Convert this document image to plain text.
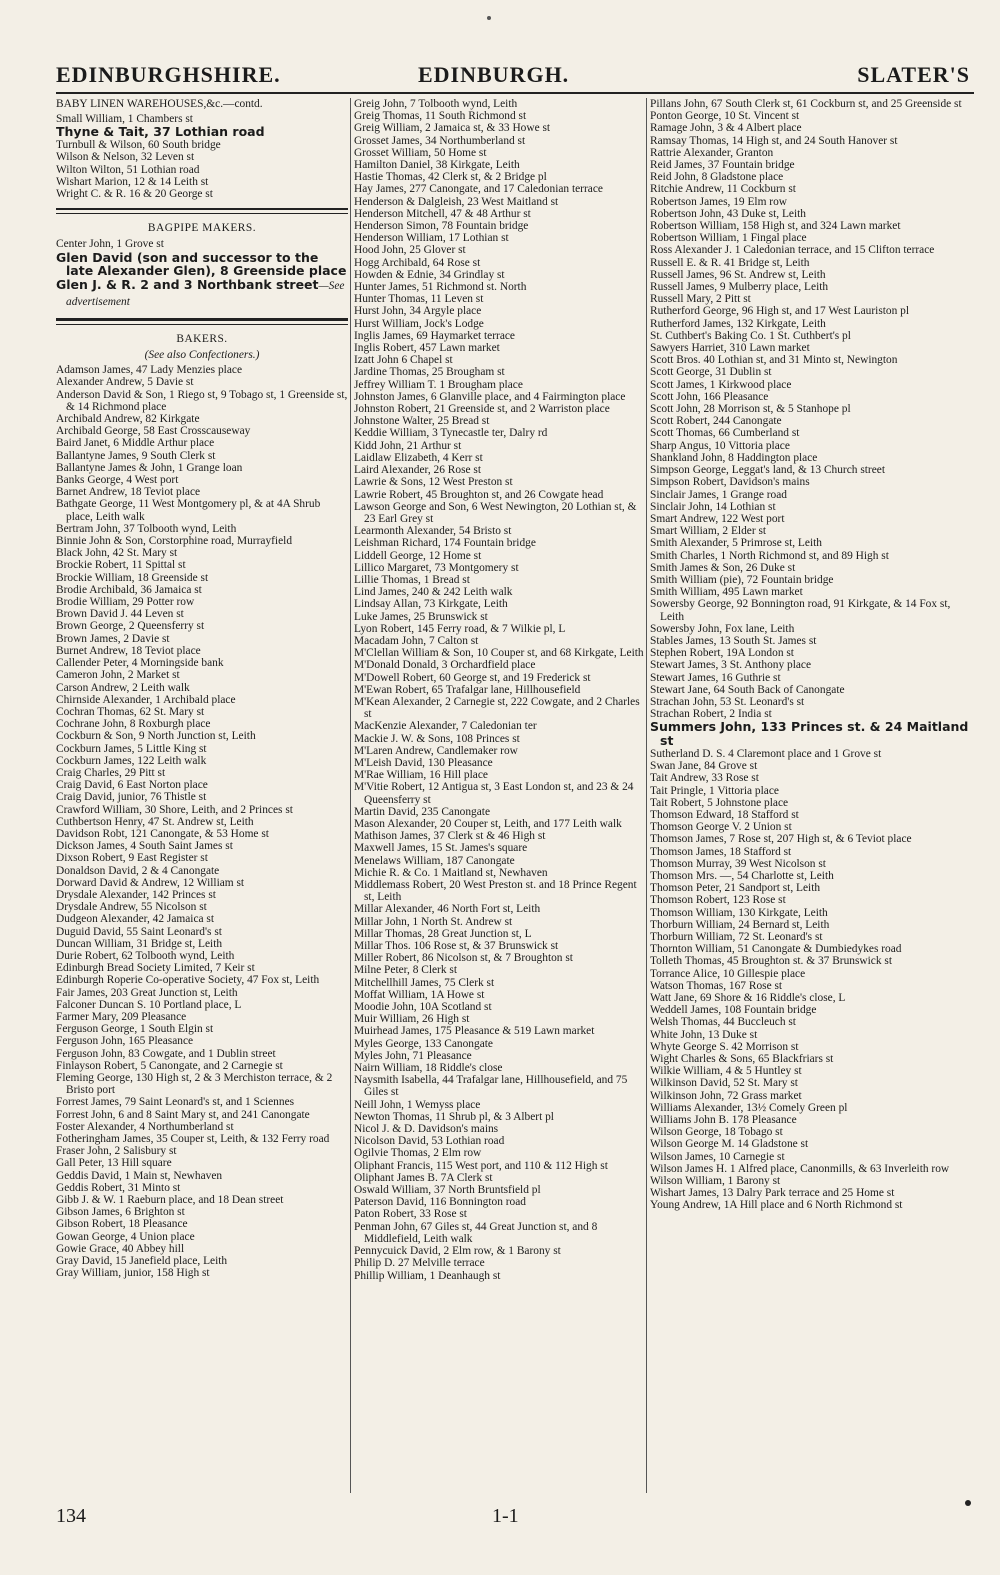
EDINBURGHSHIRE.	EDINBURGH.	SLATER'S

BABY LINEN WAREHOUSES,&c.—contd.

Small William, 1 Chambers st

Thyne & Tait, 37 Lothian road

Turnbull & Wilson, 60 South bridge

Wilson & Nelson, 32 Leven st

Wilton Wilton, 51 Lothian road

Wishart Marion, 12 & 14 Leith st

Wright C. & R. 16 & 20 George st

BAGPIPE MAKERS.

Center John, 1 Grove st

Glen David (son and successor to the late Alexander Glen), 8 Greenside place

Glen J. & R. 2 and 3 Northbank street—See advertisement

BAKERS.

(See also Confectioners.)

Adamson James, 47 Lady Menzies place

Alexander Andrew, 5 Davie st

Anderson David & Son, 1 Riego st, 9 Tobago st, 1 Greenside st, & 14 Richmond place

Archibald Andrew, 82 Kirkgate

Archibald George, 58 East Crosscauseway

Baird Janet, 6 Middle Arthur place

Ballantyne James, 9 South Clerk st

Ballantyne James & John, 1 Grange loan

Banks George, 4 West port

Barnet Andrew, 18 Teviot place

Bathgate George, 11 West Montgomery pl, & at 4A Shrub place, Leith walk

Bertram John, 37 Tolbooth wynd, Leith

Binnie John & Son, Corstorphine road, Murrayfield

Black John, 42 St. Mary st

Brockie Robert, 11 Spittal st

Brockie William, 18 Greenside st

Brodie Archibald, 36 Jamaica st

Brodie William, 29 Potter row

Brown David J. 44 Leven st

Brown George, 2 Queensferry st

Brown James, 2 Davie st

Burnet Andrew, 18 Teviot place

Callender Peter, 4 Morningside bank

Cameron John, 2 Market st

Carson Andrew, 2 Leith walk

Chirnside Alexander, 1 Archibald place

Cochran Thomas, 62 St. Mary st

Cochrane John, 8 Roxburgh place

Cockburn & Son, 9 North Junction st, Leith

Cockburn James, 5 Little King st

Cockburn James, 122 Leith walk

Craig Charles, 29 Pitt st

Craig David, 6 East Norton place

Craig David, junior, 76 Thistle st

Crawford William, 30 Shore, Leith, and 2 Princes st

Cuthbertson Henry, 47 St. Andrew st, Leith

Davidson Robt, 121 Canongate, & 53 Home st

Dickson James, 4 South Saint James st

Dixson Robert, 9 East Register st

Donaldson David, 2 & 4 Canongate

Dorward David & Andrew, 12 William st

Drysdale Alexander, 142 Princes st

Drysdale Andrew, 55 Nicolson st

Dudgeon Alexander, 42 Jamaica st

Duguid David, 55 Saint Leonard's st

Duncan William, 31 Bridge st, Leith

Durie Robert, 62 Tolbooth wynd, Leith

Edinburgh Bread Society Limited, 7 Keir st

Edinburgh Roperie Co-operative Society, 47 Fox st, Leith

Fair James, 203 Great Junction st, Leith

Falconer Duncan S. 10 Portland place, L

Farmer Mary, 209 Pleasance

Ferguson George, 1 South Elgin st

Ferguson John, 165 Pleasance

Ferguson John, 83 Cowgate, and 1 Dublin street

Finlayson Robert, 5 Canongate, and 2 Carnegie st

Fleming George, 130 High st, 2 & 3 Merchiston terrace, & 2 Bristo port

Forrest James, 79 Saint Leonard's st, and 1 Sciennes

Forrest John, 6 and 8 Saint Mary st, and 241 Canongate

Foster Alexander, 4 Northumberland st

Fotheringham James, 35 Couper st, Leith, & 132 Ferry road

Fraser John, 2 Salisbury st

Gall Peter, 13 Hill square

Geddis David, 1 Main st, Newhaven

Geddis Robert, 31 Minto st

Gibb J. & W. 1 Raeburn place, and 18 Dean street

Gibson James, 6 Brighton st

Gibson Robert, 18 Pleasance

Gowan George, 4 Union place

Gowie Grace, 40 Abbey hill

Gray David, 15 Janefield place, Leith

Gray William, junior, 158 High st

Greig John, 7 Tolbooth wynd, Leith

Greig Thomas, 11 South Richmond st

Greig William, 2 Jamaica st, & 33 Howe st

Grosset James, 34 Northumberland st

Grosset William, 50 Home st

Hamilton Daniel, 38 Kirkgate, Leith

Hastie Thomas, 42 Clerk st, & 2 Bridge pl

Hay James, 277 Canongate, and 17 Caledonian terrace

Henderson & Dalgleish, 23 West Maitland st

Henderson Mitchell, 47 & 48 Arthur st

Henderson Simon, 78 Fountain bridge

Henderson William, 17 Lothian st

Hood John, 25 Glover st

Hogg Archibald, 64 Rose st

Howden & Ednie, 34 Grindlay st

Hunter James, 51 Richmond st. North

Hunter Thomas, 11 Leven st

Hurst John, 34 Argyle place

Hurst William, Jock's Lodge

Inglis James, 69 Haymarket terrace

Inglis Robert, 457 Lawn market

Izatt John 6 Chapel st

Jardine Thomas, 25 Brougham st

Jeffrey William T. 1 Brougham place

Johnston James, 6 Glanville place, and 4 Fairmington place

Johnston Robert, 21 Greenside st, and 2 Warriston place

Johnstone Walter, 25 Bread st

Keddie William, 3 Tynecastle ter, Dalry rd

Kidd John, 21 Arthur st

Laidlaw Elizabeth, 4 Kerr st

Laird Alexander, 26 Rose st

Lawrie & Sons, 12 West Preston st

Lawrie Robert, 45 Broughton st, and 26 Cowgate head

Lawson George and Son, 6 West Newington, 20 Lothian st, & 23 Earl Grey st

Learmonth Alexander, 54 Bristo st

Leishman Richard, 174 Fountain bridge

Liddell George, 12 Home st

Lillico Margaret, 73 Montgomery st

Lillie Thomas, 1 Bread st

Lind James, 240 & 242 Leith walk

Lindsay Allan, 73 Kirkgate, Leith

Luke James, 25 Brunswick st

Lyon Robert, 145 Ferry road, & 7 Wilkie pl, L

Macadam John, 7 Calton st

M'Clellan William & Son, 10 Couper st, and 68 Kirkgate, Leith

M'Donald Donald, 3 Orchardfield place

M'Dowell Robert, 60 George st, and 19 Frederick st

M'Ewan Robert, 65 Trafalgar lane, Hillhousefield

M'Kean Alexander, 2 Carnegie st, 222 Cowgate, and 2 Charles st

MacKenzie Alexander, 7 Caledonian ter

Mackie J. W. & Sons, 108 Princes st

M'Laren Andrew, Candlemaker row

M'Leish David, 130 Pleasance

M'Rae William, 16 Hill place

M'Vitie Robert, 12 Antigua st, 3 East London st, and 23 & 24 Queensferry st

Martin David, 235 Canongate

Mason Alexander, 20 Couper st, Leith, and 177 Leith walk

Mathison James, 37 Clerk st & 46 High st

Maxwell James, 15 St. James's square

Menelaws William, 187 Canongate

Michie R. & Co. 1 Maitland st, Newhaven

Middlemass Robert, 20 West Preston st. and 18 Prince Regent st, Leith

Millar Alexander, 46 North Fort st, Leith

Millar John, 1 North St. Andrew st

Millar Thomas, 28 Great Junction st, L

Millar Thos. 106 Rose st, & 37 Brunswick st

Miller Robert, 86 Nicolson st, & 7 Broughton st

Milne Peter, 8 Clerk st

Mitchellhill James, 75 Clerk st

Moffat William, 1A Howe st

Moodie John, 10A Scotland st

Muir William, 26 High st

Muirhead James, 175 Pleasance & 519 Lawn market

Myles George, 133 Canongate

Myles John, 71 Pleasance

Nairn William, 18 Riddle's close

Naysmith Isabella, 44 Trafalgar lane, Hillhousefield, and 75 Giles st

Neill John, 1 Wemyss place

Newton Thomas, 11 Shrub pl, & 3 Albert pl

Nicol J. & D. Davidson's mains

Nicolson David, 53 Lothian road

Ogilvie Thomas, 2 Elm row

Oliphant Francis, 115 West port, and 110 & 112 High st

Oliphant James B. 7A Clerk st

Oswald William, 37 North Bruntsfield pl

Paterson David, 116 Bonnington road

Paton Robert, 33 Rose st

Penman John, 67 Giles st, 44 Great Junction st, and 8 Middlefield, Leith walk

Pennycuick David, 2 Elm row, & 1 Barony st

Philip D. 27 Melville terrace

Phillip William, 1 Deanhaugh st

Pillans John, 67 South Clerk st, 61 Cockburn st, and 25 Greenside st

Ponton George, 10 St. Vincent st

Ramage John, 3 & 4 Albert place

Ramsay Thomas, 14 High st, and 24 South Hanover st

Rattrie Alexander, Granton

Reid James, 37 Fountain bridge

Reid John, 8 Gladstone place

Ritchie Andrew, 11 Cockburn st

Robertson James, 19 Elm row

Robertson John, 43 Duke st, Leith

Robertson William, 158 High st, and 324 Lawn market

Robertson William, 1 Fingal place

Ross Alexander J. 1 Caledonian terrace, and 15 Clifton terrace

Russell E. & R. 41 Bridge st, Leith

Russell James, 96 St. Andrew st, Leith

Russell James, 9 Mulberry place, Leith

Russell Mary, 2 Pitt st

Rutherford George, 96 High st, and 17 West Lauriston pl

Rutherford James, 132 Kirkgate, Leith

St. Cuthbert's Baking Co. 1 St. Cuthbert's pl

Sawyers Harriet, 310 Lawn market

Scott Bros. 40 Lothian st, and 31 Minto st, Newington

Scott George, 31 Dublin st

Scott James, 1 Kirkwood place

Scott John, 166 Pleasance

Scott John, 28 Morrison st, & 5 Stanhope pl

Scott Robert, 244 Canongate

Scott Thomas, 66 Cumberland st

Sharp Angus, 10 Vittoria place

Shankland John, 8 Haddington place

Simpson George, Leggat's land, & 13 Church street

Simpson Robert, Davidson's mains

Sinclair James, 1 Grange road

Sinclair John, 14 Lothian st

Smart Andrew, 122 West port

Smart William, 2 Elder st

Smith Alexander, 5 Primrose st, Leith

Smith Charles, 1 North Richmond st, and 89 High st

Smith James & Son, 26 Duke st

Smith William (pie), 72 Fountain bridge

Smith William, 495 Lawn market

Sowersby George, 92 Bonnington road, 91 Kirkgate, & 14 Fox st, Leith

Sowersby John, Fox lane, Leith

Stables James, 13 South St. James st

Stephen Robert, 19A London st

Stewart James, 3 St. Anthony place

Stewart James, 16 Guthrie st

Stewart Jane, 64 South Back of Canongate

Strachan John, 53 St. Leonard's st

Strachan Robert, 2 India st

Summers John, 133 Princes st. & 24 Maitland st

Sutherland D. S. 4 Claremont place and 1 Grove st

Swan Jane, 84 Grove st

Tait Andrew, 33 Rose st

Tait Pringle, 1 Vittoria place

Tait Robert, 5 Johnstone place

Thomson Edward, 18 Stafford st

Thomson George V. 2 Union st

Thomson James, 7 Rose st, 207 High st, & 6 Teviot place

Thomson James, 18 Stafford st

Thomson Murray, 39 West Nicolson st

Thomson Mrs. —, 54 Charlotte st, Leith

Thomson Peter, 21 Sandport st, Leith

Thomson Robert, 123 Rose st

Thomson William, 130 Kirkgate, Leith

Thorburn William, 24 Bernard st, Leith

Thorburn William, 72 St. Leonard's st

Thornton William, 51 Canongate & Dumbiedykes road

Tolleth Thomas, 45 Broughton st. & 37 Brunswick st

Torrance Alice, 10 Gillespie place

Watson Thomas, 167 Rose st

Watt Jane, 69 Shore & 16 Riddle's close, L

Weddell James, 108 Fountain bridge

Welsh Thomas, 44 Buccleuch st

White John, 13 Duke st

Whyte George S. 42 Morrison st

Wight Charles & Sons, 65 Blackfriars st

Wilkie William, 4 & 5 Huntley st

Wilkinson David, 52 St. Mary st

Wilkinson John, 72 Grass market

Williams Alexander, 13½ Comely Green pl

Williams John B. 178 Pleasance

Wilson George, 18 Tobago st

Wilson George M. 14 Gladstone st

Wilson James, 10 Carnegie st

Wilson James H. 1 Alfred place, Canonmills, & 63 Inverleith row

Wilson William, 1 Barony st

Wishart James, 13 Dalry Park terrace and 25 Home st

Young Andrew, 1A Hill place and 6 North Richmond st

134	1-1
